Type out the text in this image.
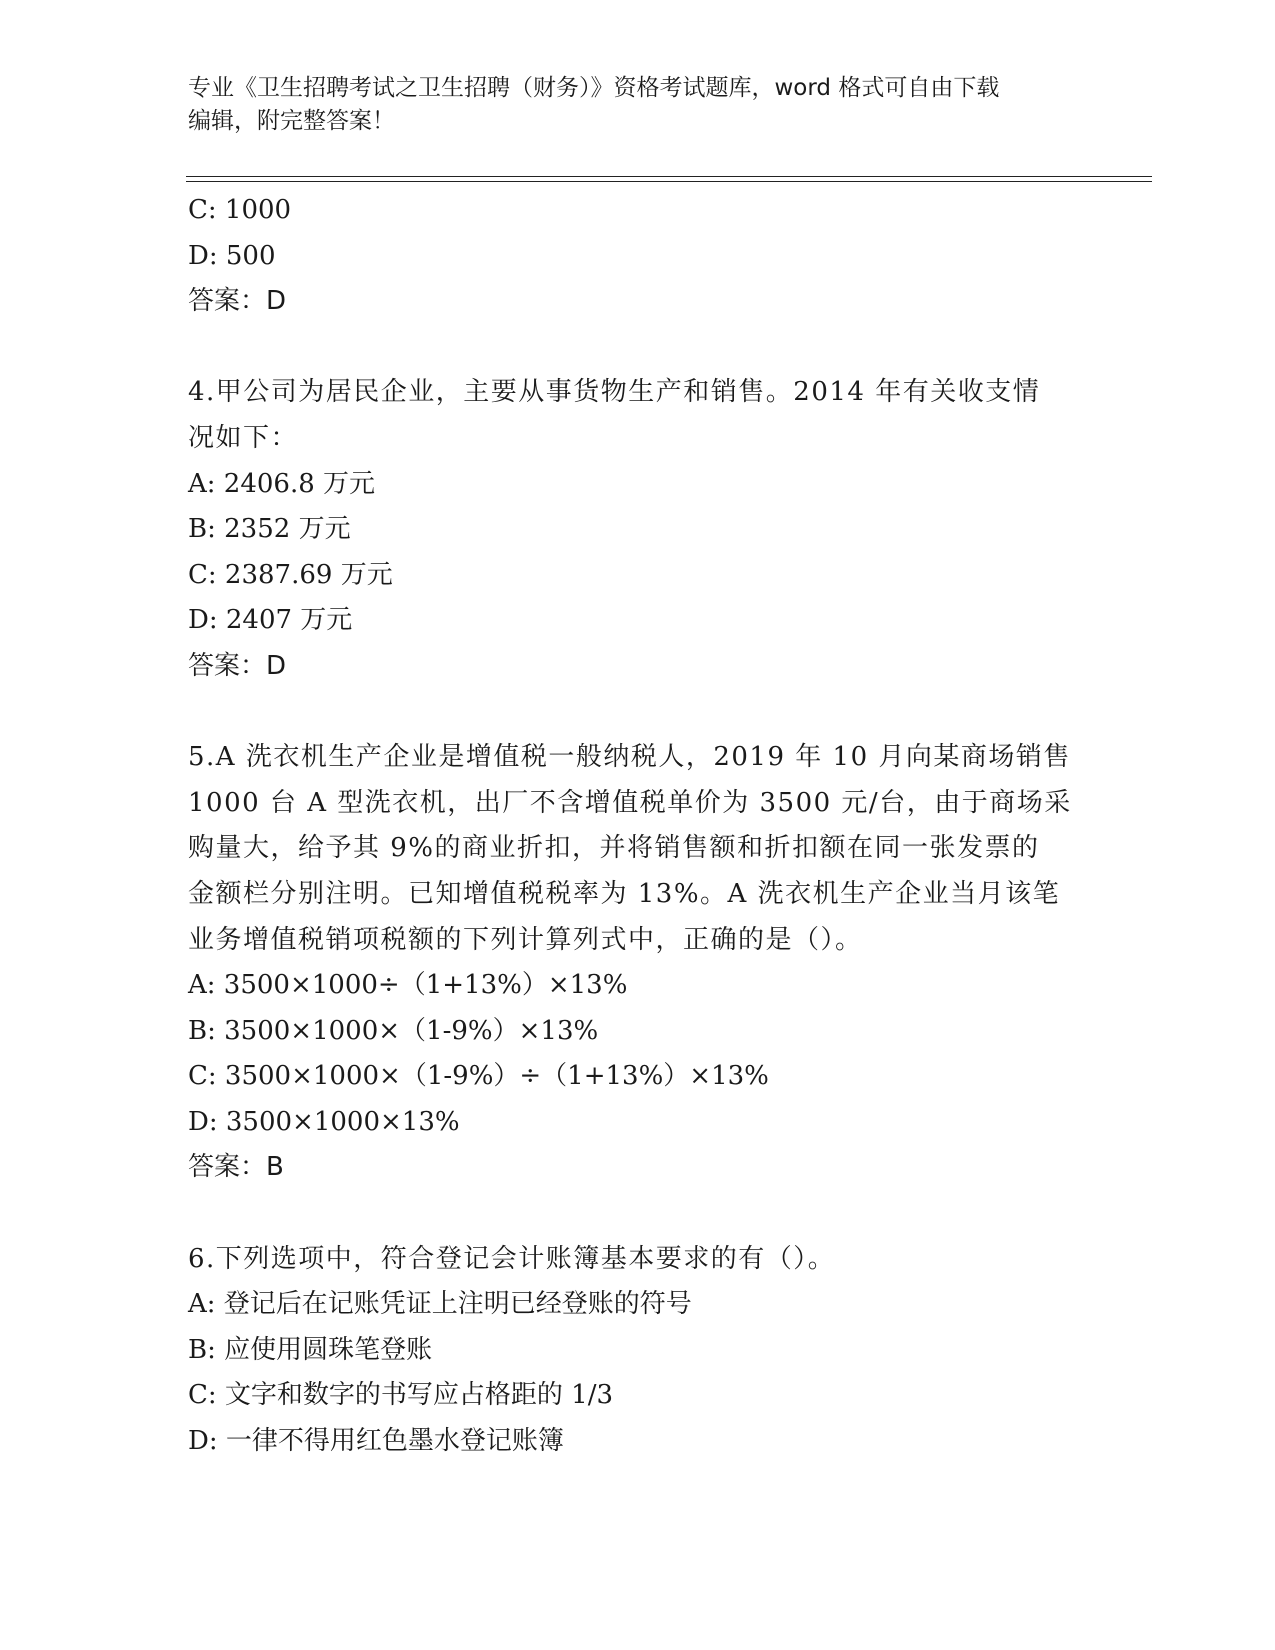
专业《卫生招聘考试之卫生招聘（财务）》资格考试题库，word 格式可自由下载
编辑，附完整答案！
C: 1000
D: 500
答案：D
4.甲公司为居民企业，主要从事货物生产和销售。2014 年有关收支情
况如下：
A: 2406.8 万元
B: 2352 万元
C: 2387.69 万元
D: 2407 万元
答案：D
5.A 洗衣机生产企业是增值税一般纳税人，2019 年 10 月向某商场销售
1000 台 A 型洗衣机，出厂不含增值税单价为 3500 元/台，由于商场采
购量大，给予其 9%的商业折扣，并将销售额和折扣额在同一张发票的
金额栏分别注明。已知增值税税率为 13%。A 洗衣机生产企业当月该笔
业务增值税销项税额的下列计算列式中，正确的是（）。
A: 3500×1000÷（1+13%）×13%
B: 3500×1000×（1-9%）×13%
C: 3500×1000×（1-9%）÷（1+13%）×13%
D: 3500×1000×13%
答案：B
6.下列选项中，符合登记会计账簿基本要求的有（）。
A: 登记后在记账凭证上注明已经登账的符号
B: 应使用圆珠笔登账
C: 文字和数字的书写应占格距的 1/3
D: 一律不得用红色墨水登记账簿
